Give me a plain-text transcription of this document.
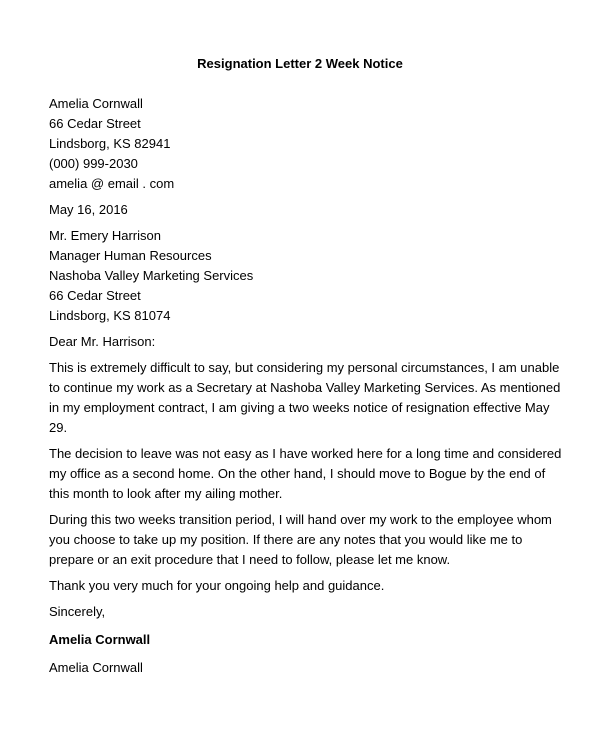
Resignation Letter 2 Week Notice
Amelia Cornwall
66 Cedar Street
Lindsborg, KS 82941
(000) 999-2030
amelia @ email . com
May 16, 2016
Mr. Emery Harrison
Manager Human Resources
Nashoba Valley Marketing Services
66 Cedar Street
Lindsborg, KS 81074
Dear Mr. Harrison:

This is extremely difficult to say, but considering my personal circumstances, I am unable to continue my work as a Secretary at Nashoba Valley Marketing Services. As mentioned in my employment contract, I am giving a two weeks notice of resignation effective May 29.

The decision to leave was not easy as I have worked here for a long time and considered my office as a second home. On the other hand, I should move to Bogue by the end of this month to look after my ailing mother.

During this two weeks transition period, I will hand over my work to the employee whom you choose to take up my position. If there are any notes that you would like me to prepare or an exit procedure that I need to follow, please let me know.

Thank you very much for your ongoing help and guidance.

Sincerely,
Amelia Cornwall
Amelia Cornwall
